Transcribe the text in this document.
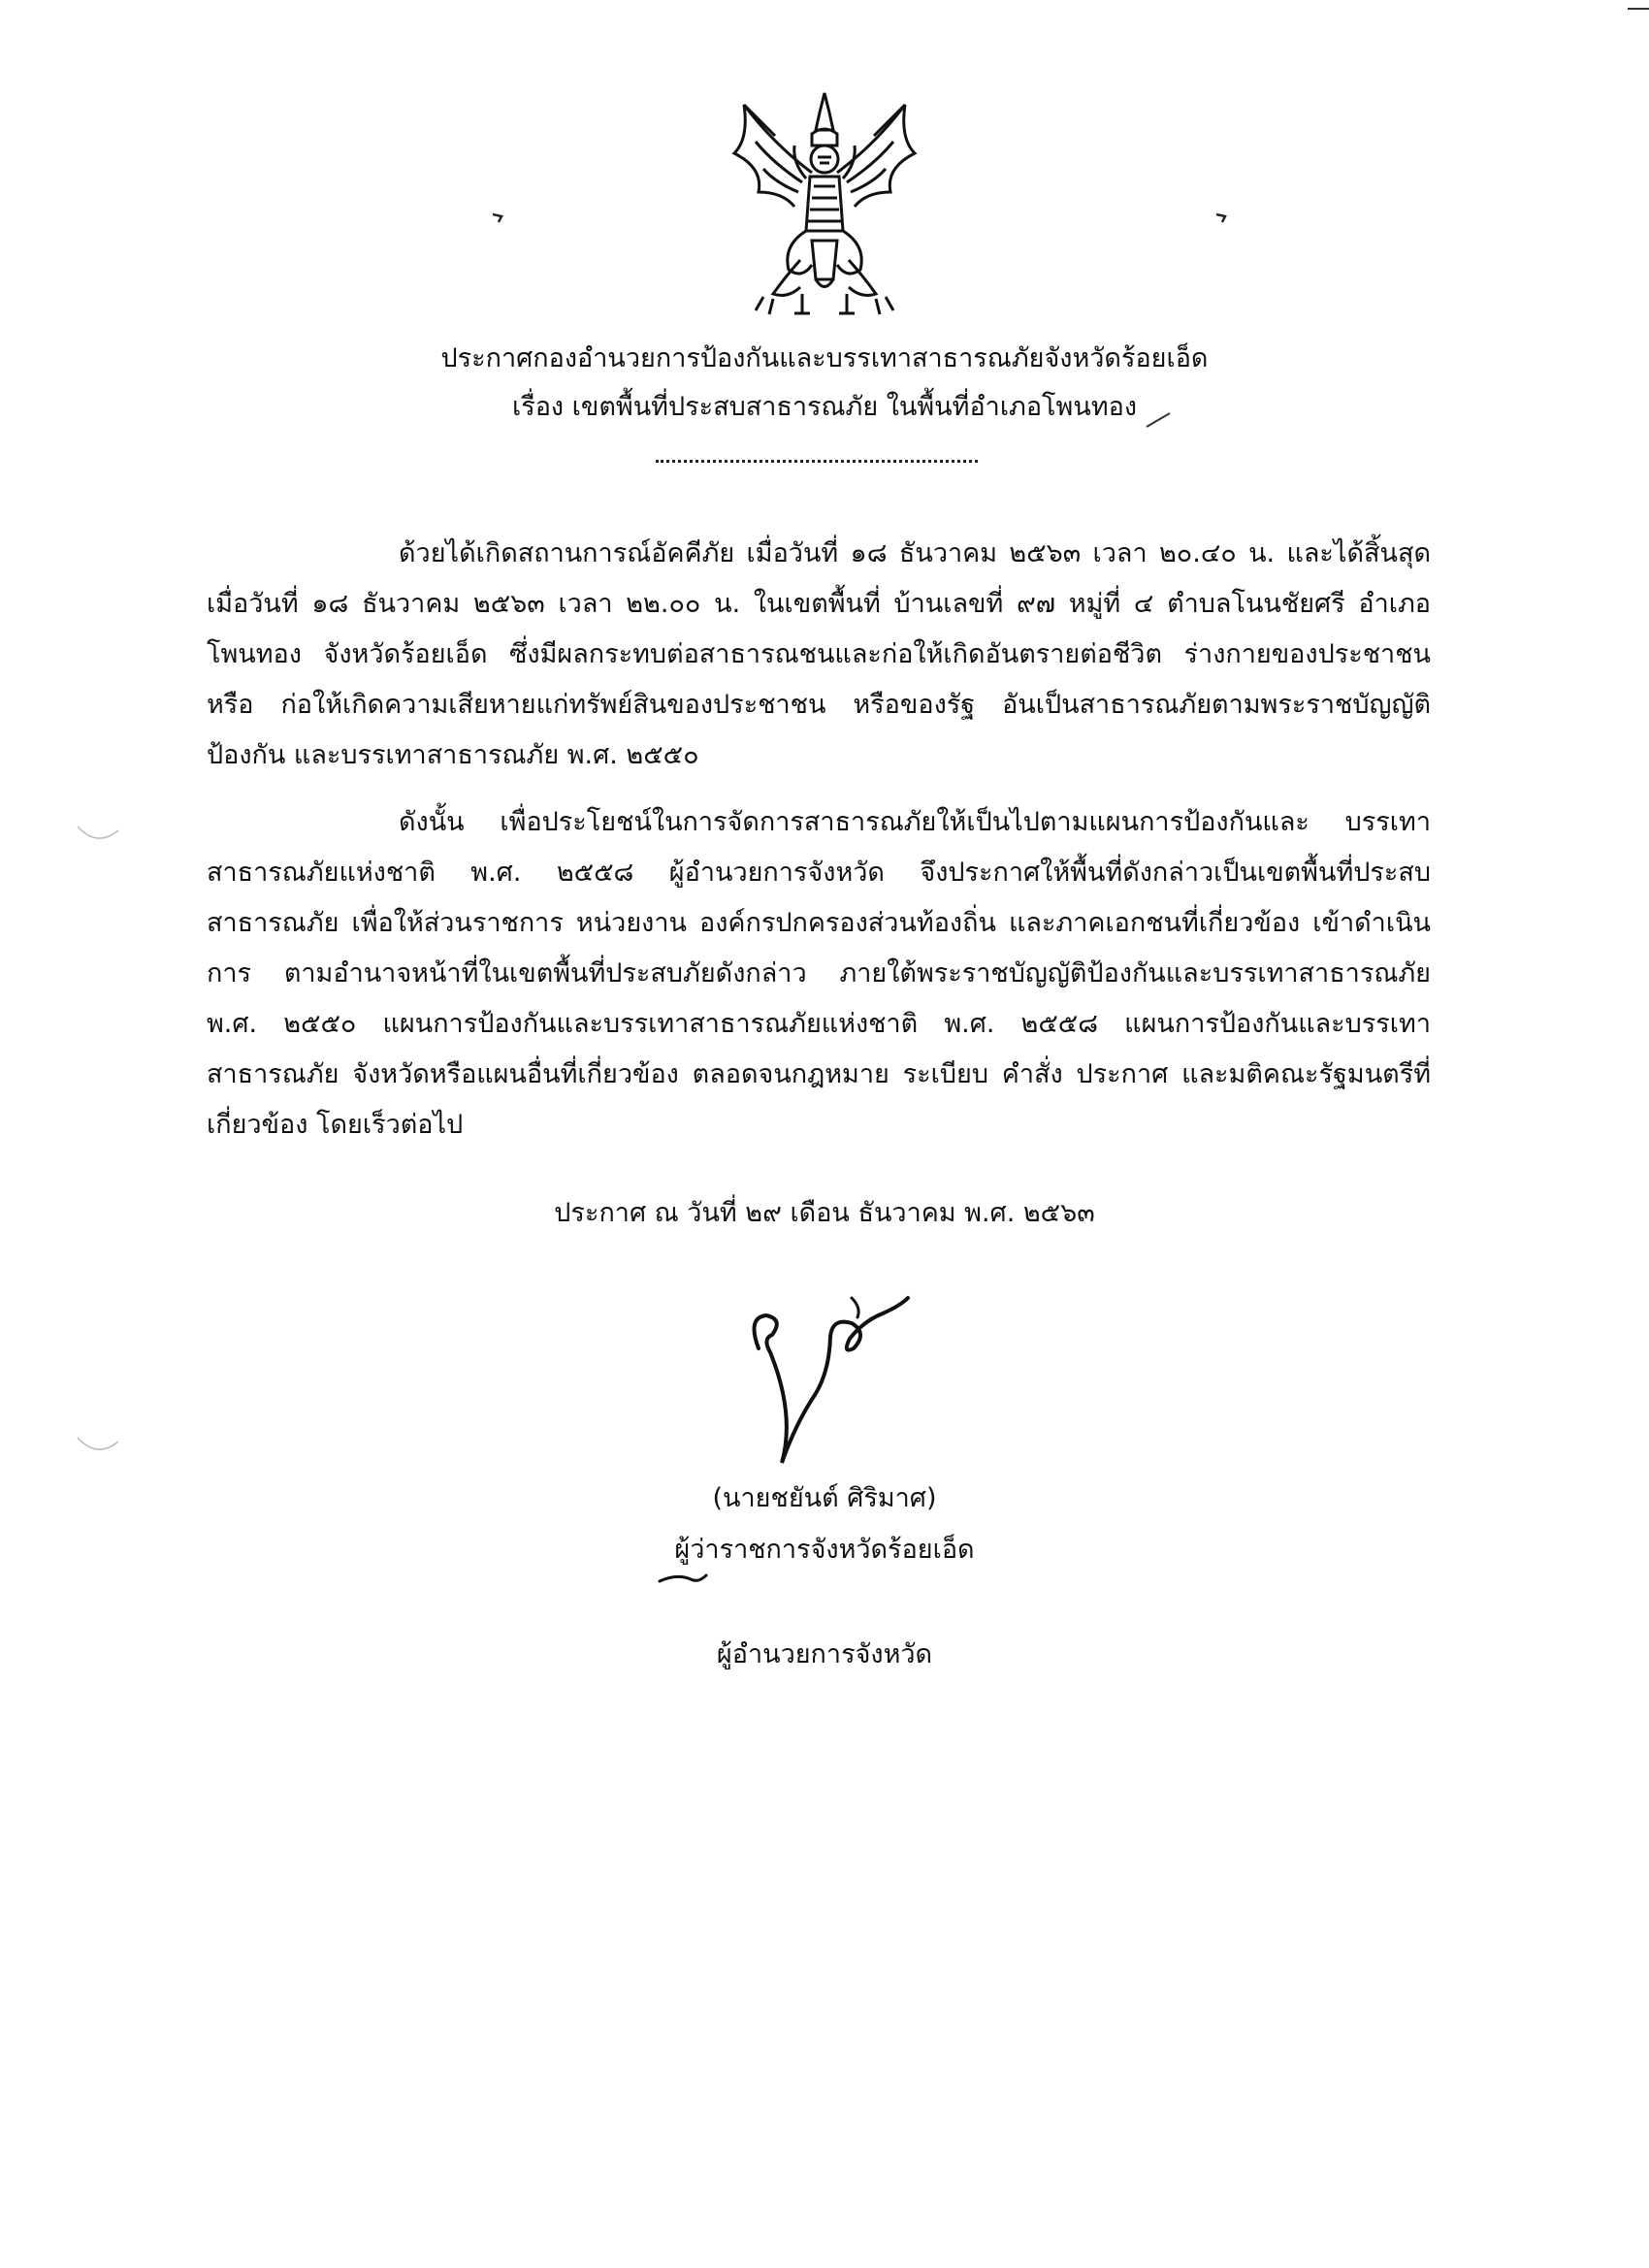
ประกาศกองอำนวยการป้องกันและบรรเทาสาธารณภัยจังหวัดร้อยเอ็ด
เรื่อง เขตพื้นที่ประสบสาธารณภัย ในพื้นที่อำเภอโพนทอง
ด้วยได้เกิดสถานการณ์อัคคีภัย เมื่อวันที่ ๑๘ ธันวาคม ๒๕๖๓ เวลา ๒๐.๔๐ น. และได้สิ้นสุด เมื่อวันที่ ๑๘ ธันวาคม ๒๕๖๓ เวลา ๒๒.๐๐ น. ในเขตพื้นที่ บ้านเลขที่ ๙๗ หมู่ที่ ๔ ตำบลโนนชัยศรี อำเภอโพนทอง จังหวัดร้อยเอ็ด ซึ่งมีผลกระทบต่อสาธารณชนและก่อให้เกิดอันตรายต่อชีวิต ร่างกายของประชาชน หรือ ก่อให้เกิดความเสียหายแก่ทรัพย์สินของประชาชน หรือของรัฐ อันเป็นสาธารณภัยตามพระราชบัญญัติป้องกัน และบรรเทาสาธารณภัย พ.ศ. ๒๕๕๐
ดังนั้น เพื่อประโยชน์ในการจัดการสาธารณภัยให้เป็นไปตามแผนการป้องกันและ บรรเทาสาธารณภัยแห่งชาติ พ.ศ. ๒๕๕๘ ผู้อำนวยการจังหวัด จึงประกาศให้พื้นที่ดังกล่าวเป็นเขตพื้นที่ประสบ สาธารณภัย เพื่อให้ส่วนราชการ หน่วยงาน องค์กรปกครองส่วนท้องถิ่น และภาคเอกชนที่เกี่ยวข้อง เข้าดำเนินการ ตามอำนาจหน้าที่ในเขตพื้นที่ประสบภัยดังกล่าว ภายใต้พระราชบัญญัติป้องกันและบรรเทาสาธารณภัย พ.ศ. ๒๕๕๐ แผนการป้องกันและบรรเทาสาธารณภัยแห่งชาติ พ.ศ. ๒๕๕๘ แผนการป้องกันและบรรเทาสาธารณภัย จังหวัดหรือแผนอื่นที่เกี่ยวข้อง ตลอดจนกฎหมาย ระเบียบ คำสั่ง ประกาศ และมติคณะรัฐมนตรีที่เกี่ยวข้อง โดยเร็วต่อไป
ประกาศ ณ วันที่ ๒๙ เดือน ธันวาคม พ.ศ. ๒๕๖๓
(นายชยันต์ ศิริมาศ)
ผู้ว่าราชการจังหวัดร้อยเอ็ด
ผู้อำนวยการจังหวัด
